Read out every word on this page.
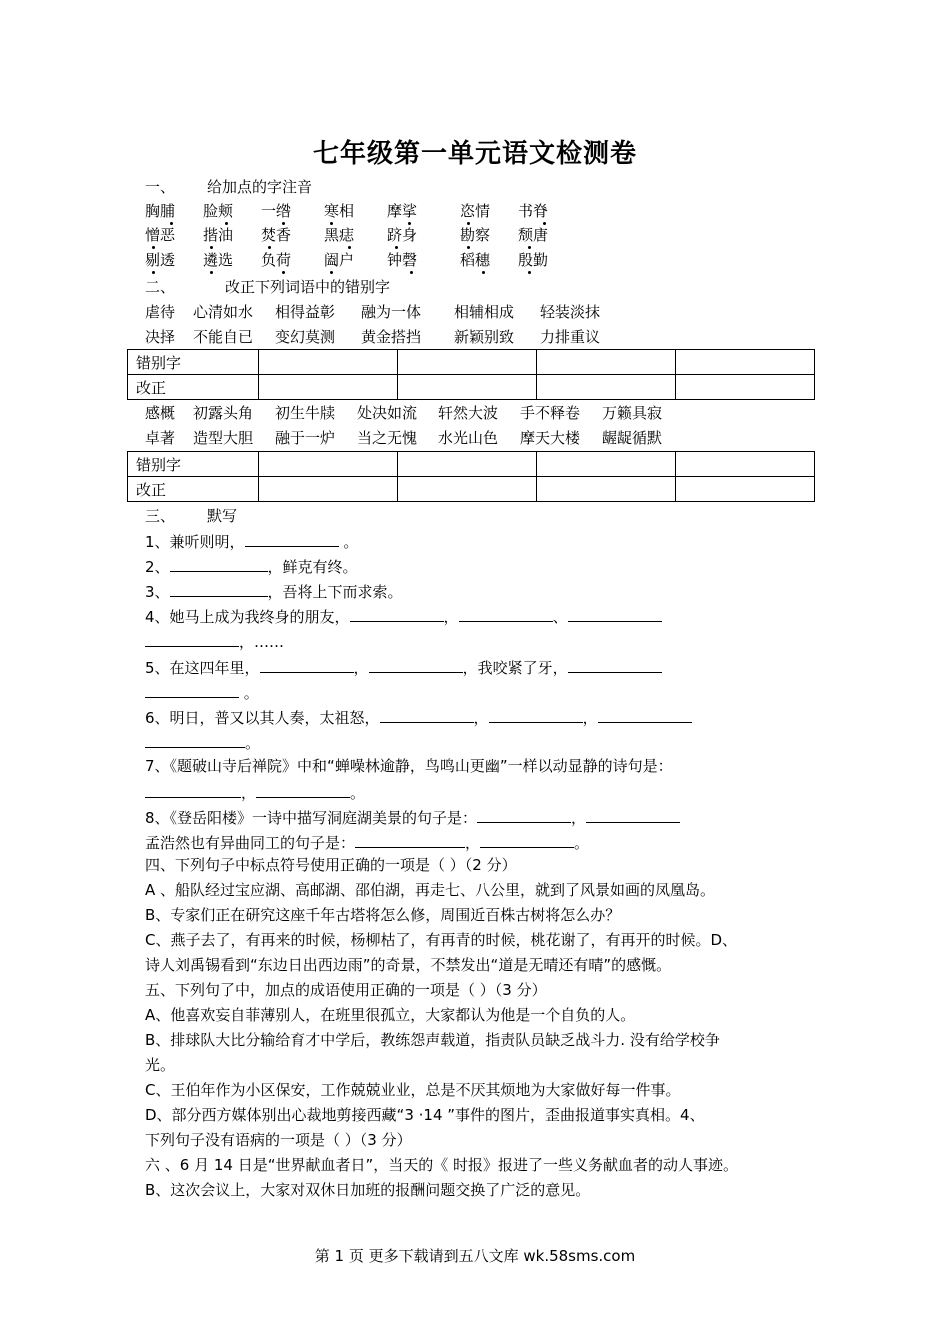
七年级第一单元语文检测卷
一、 给加点的字注音
胸脯 脸颊 一绺 寒相 摩挲	恣情 书脊
憎恶 揩油 焚香 黑痣 跻身	勘察 颓唐
剔透 遴选 负荷 阖户 钟磬	稻穗 殷勤
二、	改正下列词语中的错别字
虐待 心清如水 相得益彰 融为一体 相辅相成 轻装淡抹
决择 不能自已 变幻莫测 黄金搭挡 新颖别致 力排重议
错别字				
改正				
感概 初露头角 初生牛牍 处决如流 轩然大波 手不释卷 万籁具寂
卓著 造型大胆 融于一炉 当之无愧 水光山色 摩天大楼 龌龊循默
错别字				
改正				
三、 默写
1、兼听则明，	。
2、	，鲜克有终。
3、	，吾将上下而求索。
4、她马上成为我终身的朋友，	，	、
，……
5、在这四年里，	，	，我咬紧了牙，
。
6、明日，普又以其人奏，太祖怒，	，	，
。
7、《题破山寺后禅院》中和“蝉噪林逾静，鸟鸣山更幽”一样以动显静的诗句是：
，	。
8、《登岳阳楼》一诗中描写洞庭湖美景的句子是：	，
孟浩然也有异曲同工的句子是：	，	。
四、下列句子中标点符号使用正确的一项是（ ）（2 分）
A 、船队经过宝应湖、高邮湖、邵伯湖，再走七、八公里，就到了风景如画的凤凰岛。
B、专家们正在研究这座千年古塔将怎么修，周围近百株古树将怎么办？
C、燕子去了，有再来的时候，杨柳枯了，有再青的时候，桃花谢了，有再开的时候。D、
诗人刘禹锡看到“东边日出西边雨”的奇景，不禁发出“道是无晴还有晴”的感慨。
五、下列句了中，加点的成语使用正确的一项是（ ）（3 分）
A、他喜欢妄自菲薄别人，在班里很孤立，大家都认为他是一个自负的人。
B、排球队大比分输给育才中学后，教练怨声载道，指责队员缺乏战斗力. 没有给学校争
光。
C、王伯年作为小区保安，工作兢兢业业，总是不厌其烦地为大家做好每一件事。
D、部分西方媒体别出心裁地剪接西藏“3 ·14 ”事件的图片，歪曲报道事实真相。4、
下列句子没有语病的一项是（ ）（3 分）
六 、6 月 14 日是“世界献血者日”，当天的《 时报》报进了一些义务献血者的动人事迹。
B、这次会议上，大家对双休日加班的报酬问题交换了广泛的意见。
第 1 页 更多下载请到五八文库 wk.58sms.com
